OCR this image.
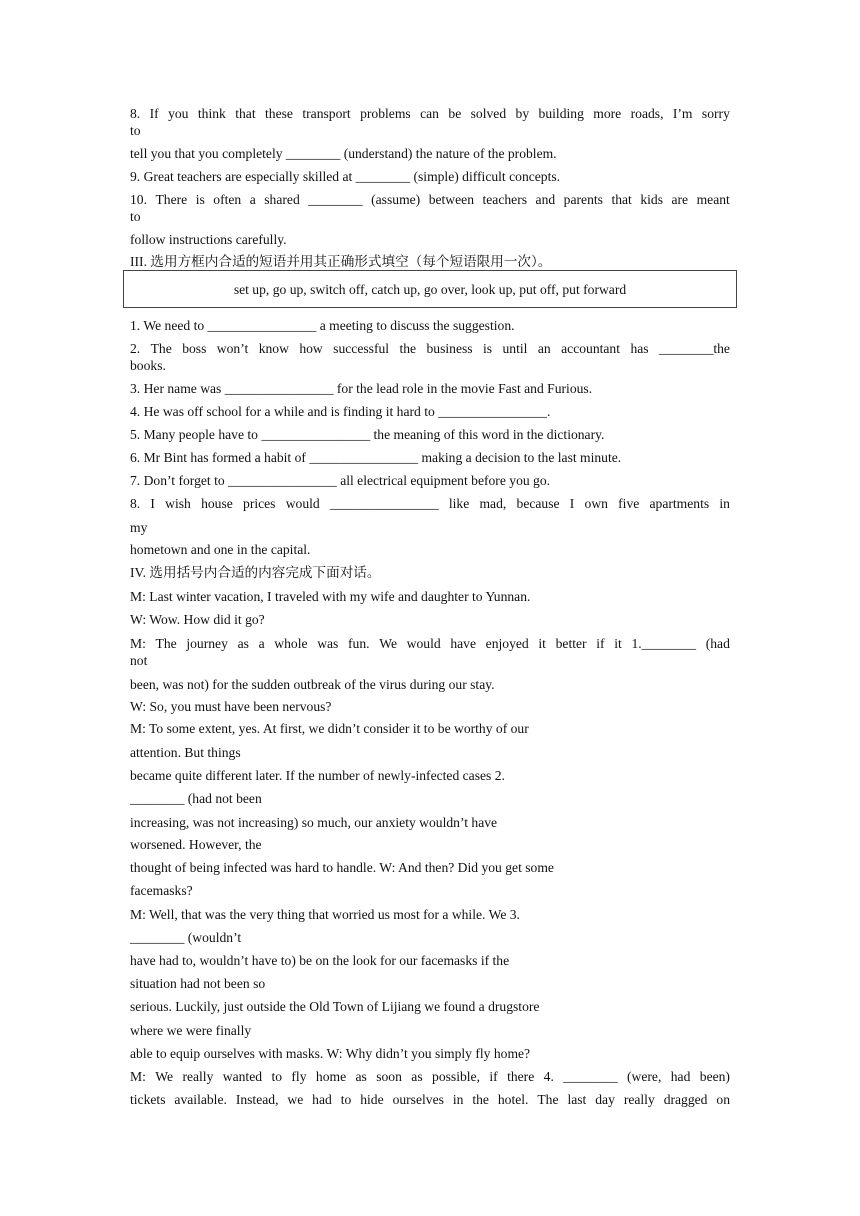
set up, go up, switch off, catch up, go over, look up, put off, put forward
8. If you think that these transport problems can be solved by building more roads, I’m sorry
to
tell you that you completely ________ (understand) the nature of the problem.
9. Great teachers are especially skilled at ________ (simple) difficult concepts.
10. There is often a shared ________ (assume) between teachers and parents that kids are meant
to
follow instructions carefully.
III. 选用方框内合适的短语并用其正确形式填空（每个短语限用一次）。
1. We need to ________________ a meeting to discuss the suggestion.
2. The boss won’t know how successful the business is until an accountant has ________the
books.
3. Her name was ________________ for the lead role in the movie Fast and Furious.
4. He was off school for a while and is finding it hard to ________________.
5. Many people have to ________________ the meaning of this word in the dictionary.
6. Mr Bint has formed a habit of ________________ making a decision to the last minute.
7. Don’t forget to ________________ all electrical equipment before you go.
8. I wish house prices would ________________ like mad, because I own five apartments in
my
hometown and one in the capital.
IV. 选用括号内合适的内容完成下面对话。
M: Last winter vacation, I traveled with my wife and daughter to Yunnan.
W: Wow. How did it go?
M: The journey as a whole was fun. We would have enjoyed it better if it 1.________ (had
not
been, was not) for the sudden outbreak of the virus during our stay.
W: So, you must have been nervous?
M: To some extent, yes. At first, we didn’t consider it to be worthy of our
attention. But things
became quite different later. If the number of newly-infected cases 2.
________ (had not been
increasing, was not increasing) so much, our anxiety wouldn’t have
worsened. However, the
thought of being infected was hard to handle. W: And then? Did you get some
facemasks?
M: Well, that was the very thing that worried us most for a while. We 3.
________ (wouldn’t
have had to, wouldn’t have to) be on the look for our facemasks if the
situation had not been so
serious. Luckily, just outside the Old Town of Lijiang we found a drugstore
where we were finally
able to equip ourselves with masks. W: Why didn’t you simply fly home?
M: We really wanted to fly home as soon as possible, if there 4. ________ (were, had been)
tickets available. Instead, we had to hide ourselves in the hotel. The last day really dragged on
